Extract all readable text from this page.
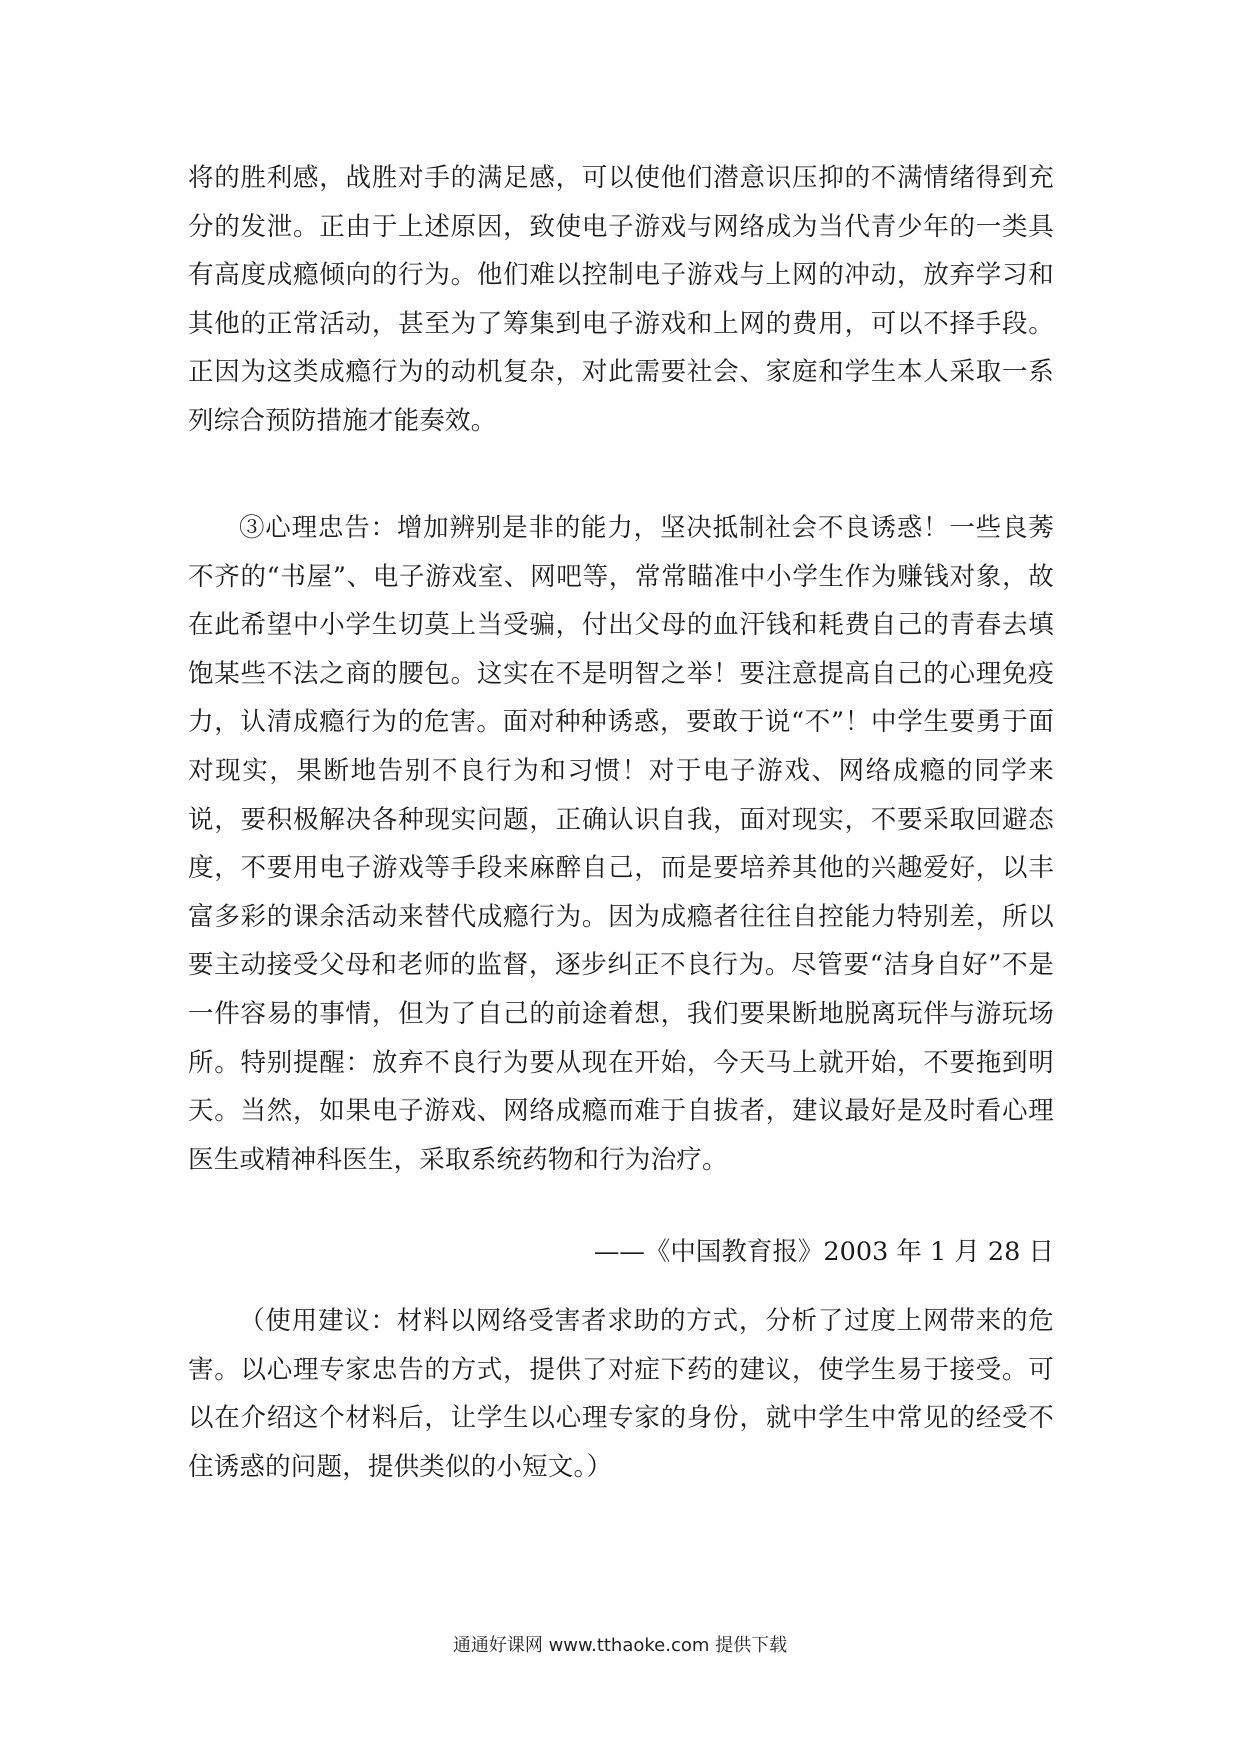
将的胜利感，战胜对手的满足感，可以使他们潜意识压抑的不满情绪得到充分的发泄。正由于上述原因，致使电子游戏与网络成为当代青少年的一类具有高度成瘾倾向的行为。他们难以控制电子游戏与上网的冲动，放弃学习和其他的正常活动，甚至为了筹集到电子游戏和上网的费用，可以不择手段。正因为这类成瘾行为的动机复杂，对此需要社会、家庭和学生本人采取一系列综合预防措施才能奏效。

③心理忠告：增加辨别是非的能力，坚决抵制社会不良诱惑！一些良莠不齐的“书屋”、电子游戏室、网吧等，常常瞄准中小学生作为赚钱对象，故在此希望中小学生切莫上当受骗，付出父母的血汗钱和耗费自己的青春去填饱某些不法之商的腰包。这实在不是明智之举！要注意提高自己的心理免疫力，认清成瘾行为的危害。面对种种诱惑，要敢于说“不”！中学生要勇于面对现实，果断地告别不良行为和习惯！对于电子游戏、网络成瘾的同学来说，要积极解决各种现实问题，正确认识自我，面对现实，不要采取回避态度，不要用电子游戏等手段来麻醉自己，而是要培养其他的兴趣爱好，以丰富多彩的课余活动来替代成瘾行为。因为成瘾者往往自控能力特别差，所以要主动接受父母和老师的监督，逐步纠正不良行为。尽管要“洁身自好”不是一件容易的事情，但为了自己的前途着想，我们要果断地脱离玩伴与游玩场所。特别提醒：放弃不良行为要从现在开始，今天马上就开始，不要拖到明天。当然，如果电子游戏、网络成瘾而难于自拔者，建议最好是及时看心理医生或精神科医生，采取系统药物和行为治疗。

——《中国教育报》2003 年 1 月 28 日

（使用建议：材料以网络受害者求助的方式，分析了过度上网带来的危害。以心理专家忠告的方式，提供了对症下药的建议，使学生易于接受。可以在介绍这个材料后，让学生以心理专家的身份，就中学生中常见的经受不住诱惑的问题，提供类似的小短文。）

通通好课网 www.tthaoke.com 提供下载
